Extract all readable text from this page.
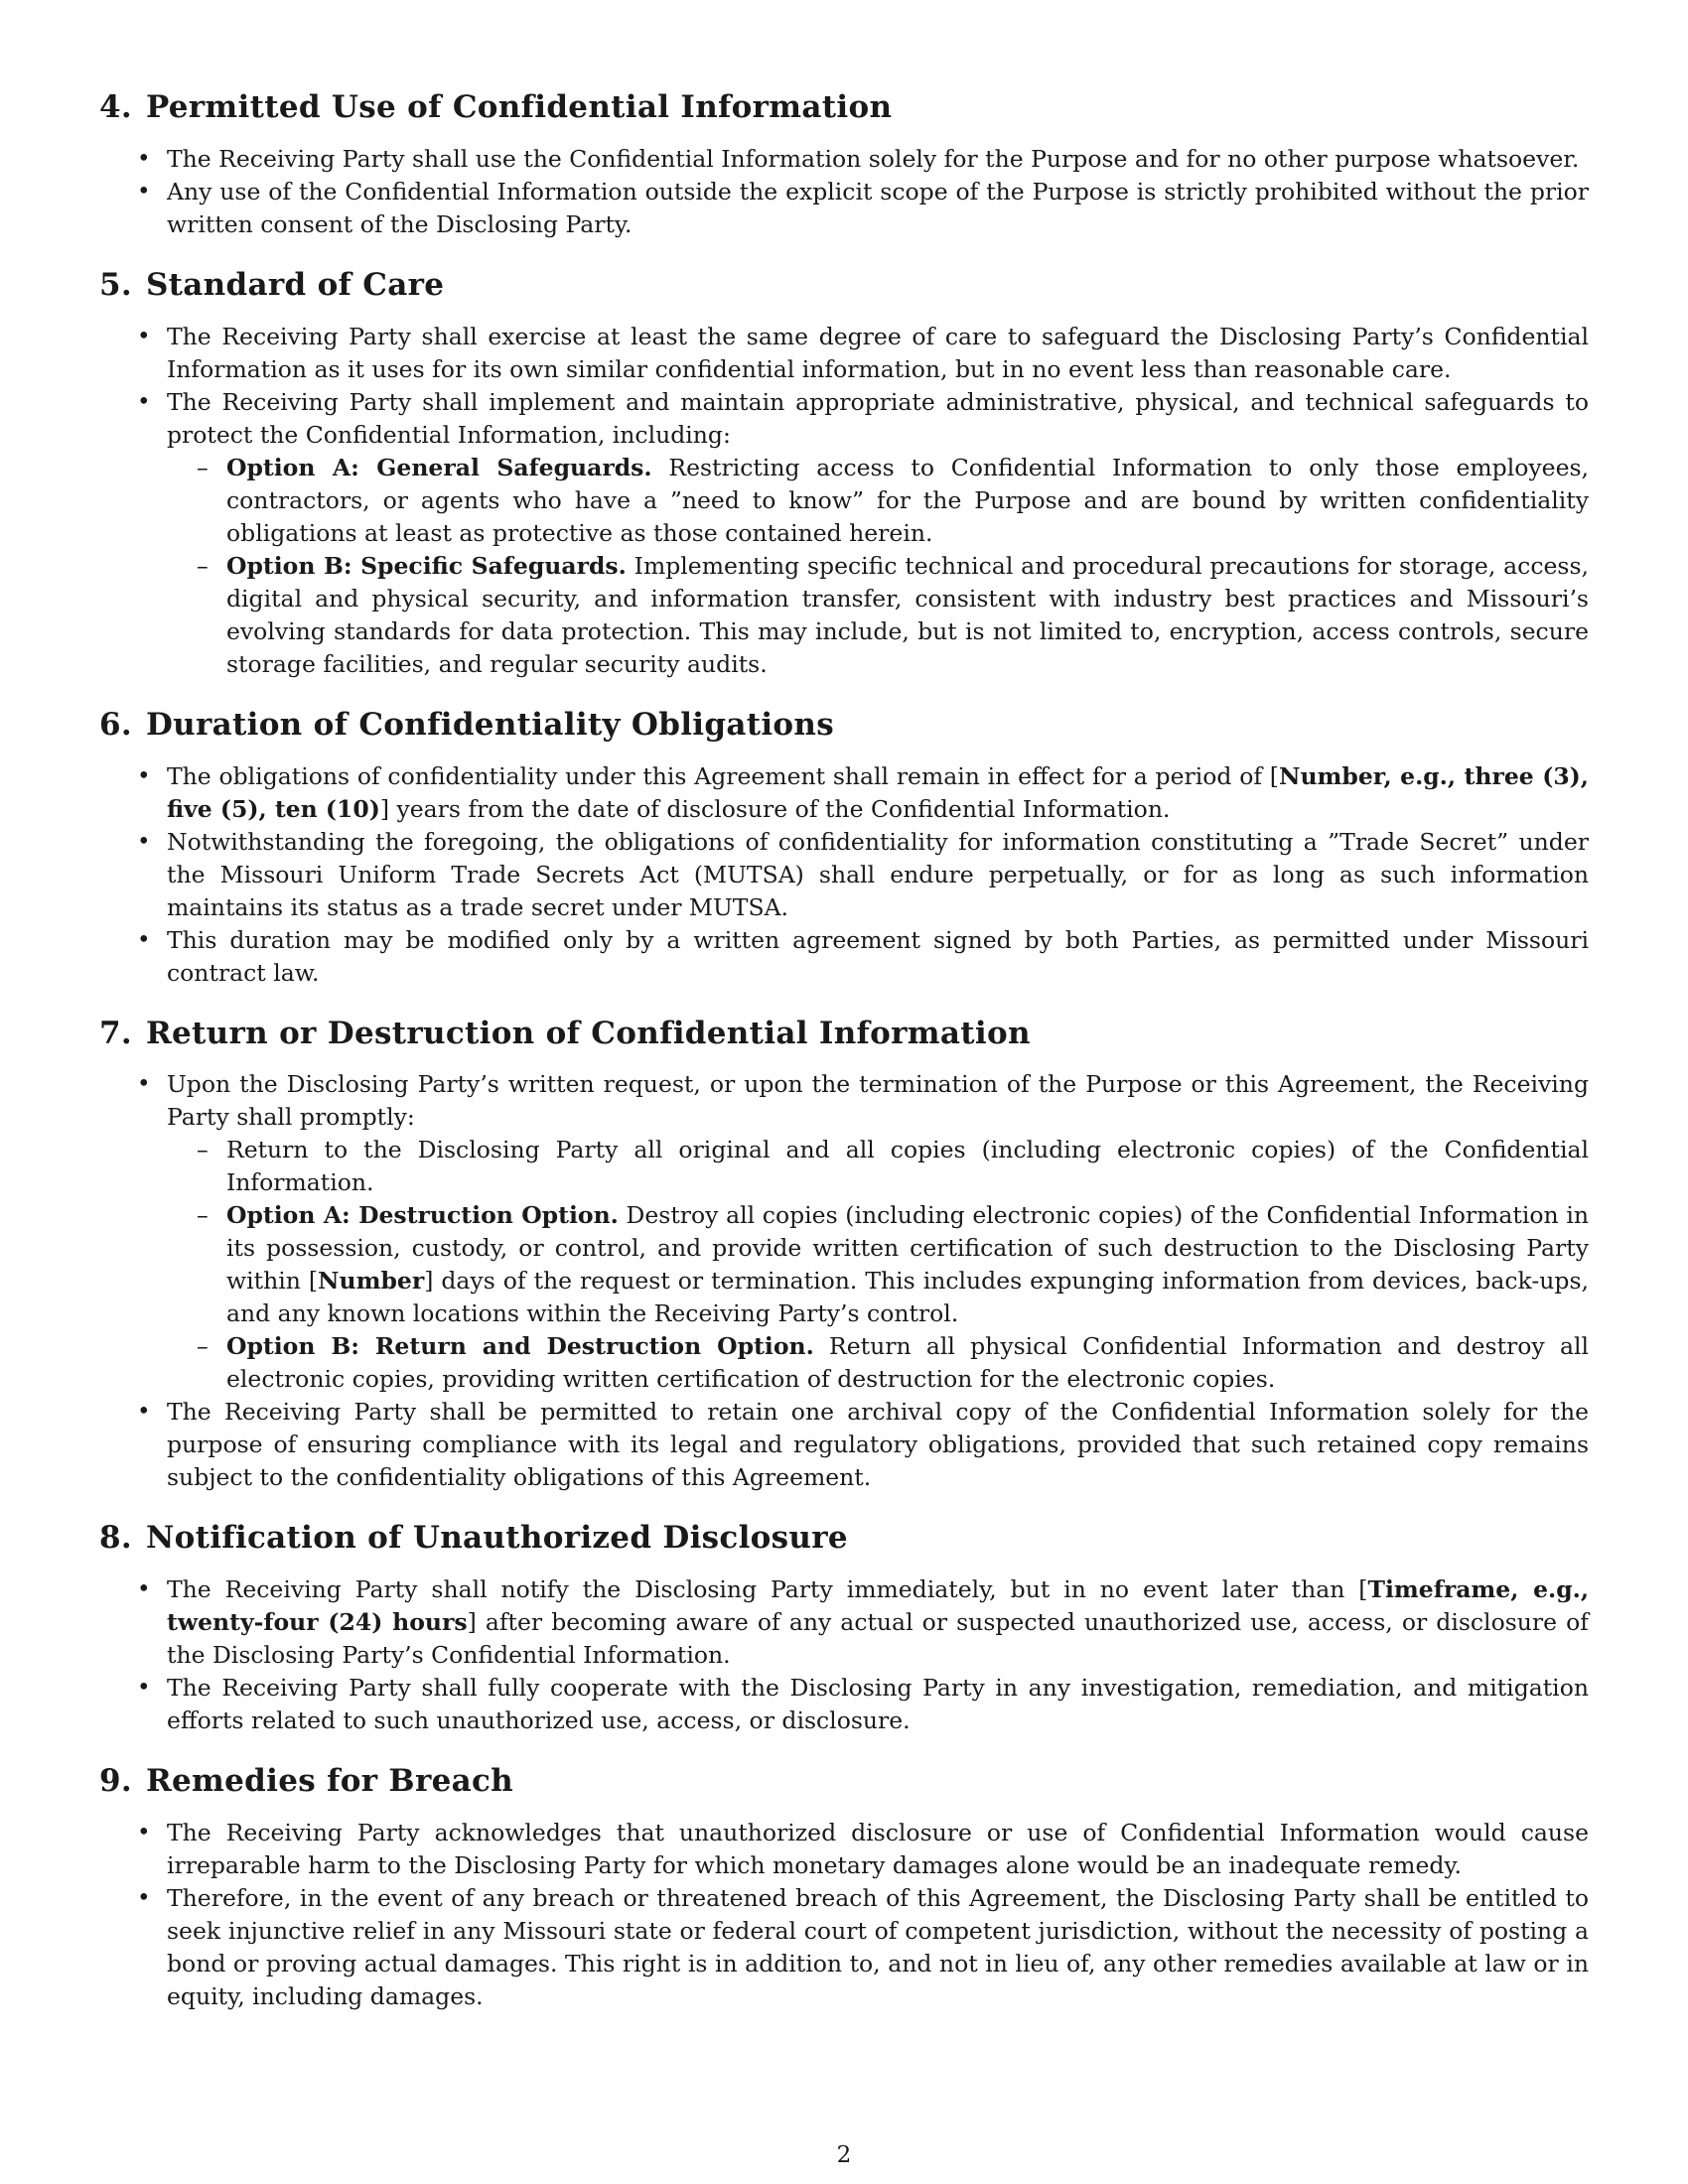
4. Permitted Use of Confidential Information
• The Receiving Party shall use the Confidential Information solely for the Purpose and for no other purpose whatsoever.
• Any use of the Confidential Information outside the explicit scope of the Purpose is strictly prohibited without the prior written consent of the Disclosing Party.
5. Standard of Care
• The Receiving Party shall exercise at least the same degree of care to safeguard the Disclosing Party’s Confidential Information as it uses for its own similar confidential information, but in no event less than reasonable care.
• The Receiving Party shall implement and maintain appropriate administrative, physical, and technical safeguards to protect the Confidential Information, including:
– Option A: General Safeguards. Restricting access to Confidential Information to only those employees, contractors, or agents who have a ”need to know” for the Purpose and are bound by written confidentiality obligations at least as protective as those contained herein.
– Option B: Specific Safeguards. Implementing specific technical and procedural precautions for storage, access, digital and physical security, and information transfer, consistent with industry best practices and Missouri’s evolving standards for data protection. This may include, but is not limited to, encryption, access controls, secure storage facilities, and regular security audits.
6. Duration of Confidentiality Obligations
• The obligations of confidentiality under this Agreement shall remain in effect for a period of [Number, e.g., three (3), five (5), ten (10)] years from the date of disclosure of the Confidential Information.
• Notwithstanding the foregoing, the obligations of confidentiality for information constituting a ”Trade Secret” under the Missouri Uniform Trade Secrets Act (MUTSA) shall endure perpetually, or for as long as such information maintains its status as a trade secret under MUTSA.
• This duration may be modified only by a written agreement signed by both Parties, as permitted under Missouri contract law.
7. Return or Destruction of Confidential Information
• Upon the Disclosing Party’s written request, or upon the termination of the Purpose or this Agreement, the Receiving Party shall promptly:
– Return to the Disclosing Party all original and all copies (including electronic copies) of the Confidential Information.
– Option A: Destruction Option. Destroy all copies (including electronic copies) of the Confidential Information in its possession, custody, or control, and provide written certification of such destruction to the Disclosing Party within [Number] days of the request or termination. This includes expunging information from devices, back-ups, and any known locations within the Receiving Party’s control.
– Option B: Return and Destruction Option. Return all physical Confidential Information and destroy all electronic copies, providing written certification of destruction for the electronic copies.
• The Receiving Party shall be permitted to retain one archival copy of the Confidential Information solely for the purpose of ensuring compliance with its legal and regulatory obligations, provided that such retained copy remains subject to the confidentiality obligations of this Agreement.
8. Notification of Unauthorized Disclosure
• The Receiving Party shall notify the Disclosing Party immediately, but in no event later than [Timeframe, e.g., twenty-four (24) hours] after becoming aware of any actual or suspected unauthorized use, access, or disclosure of the Disclosing Party’s Confidential Information.
• The Receiving Party shall fully cooperate with the Disclosing Party in any investigation, remediation, and mitigation efforts related to such unauthorized use, access, or disclosure.
9. Remedies for Breach
• The Receiving Party acknowledges that unauthorized disclosure or use of Confidential Information would cause irreparable harm to the Disclosing Party for which monetary damages alone would be an inadequate remedy.
• Therefore, in the event of any breach or threatened breach of this Agreement, the Disclosing Party shall be entitled to seek injunctive relief in any Missouri state or federal court of competent jurisdiction, without the necessity of posting a bond or proving actual damages. This right is in addition to, and not in lieu of, any other remedies available at law or in equity, including damages.
2
